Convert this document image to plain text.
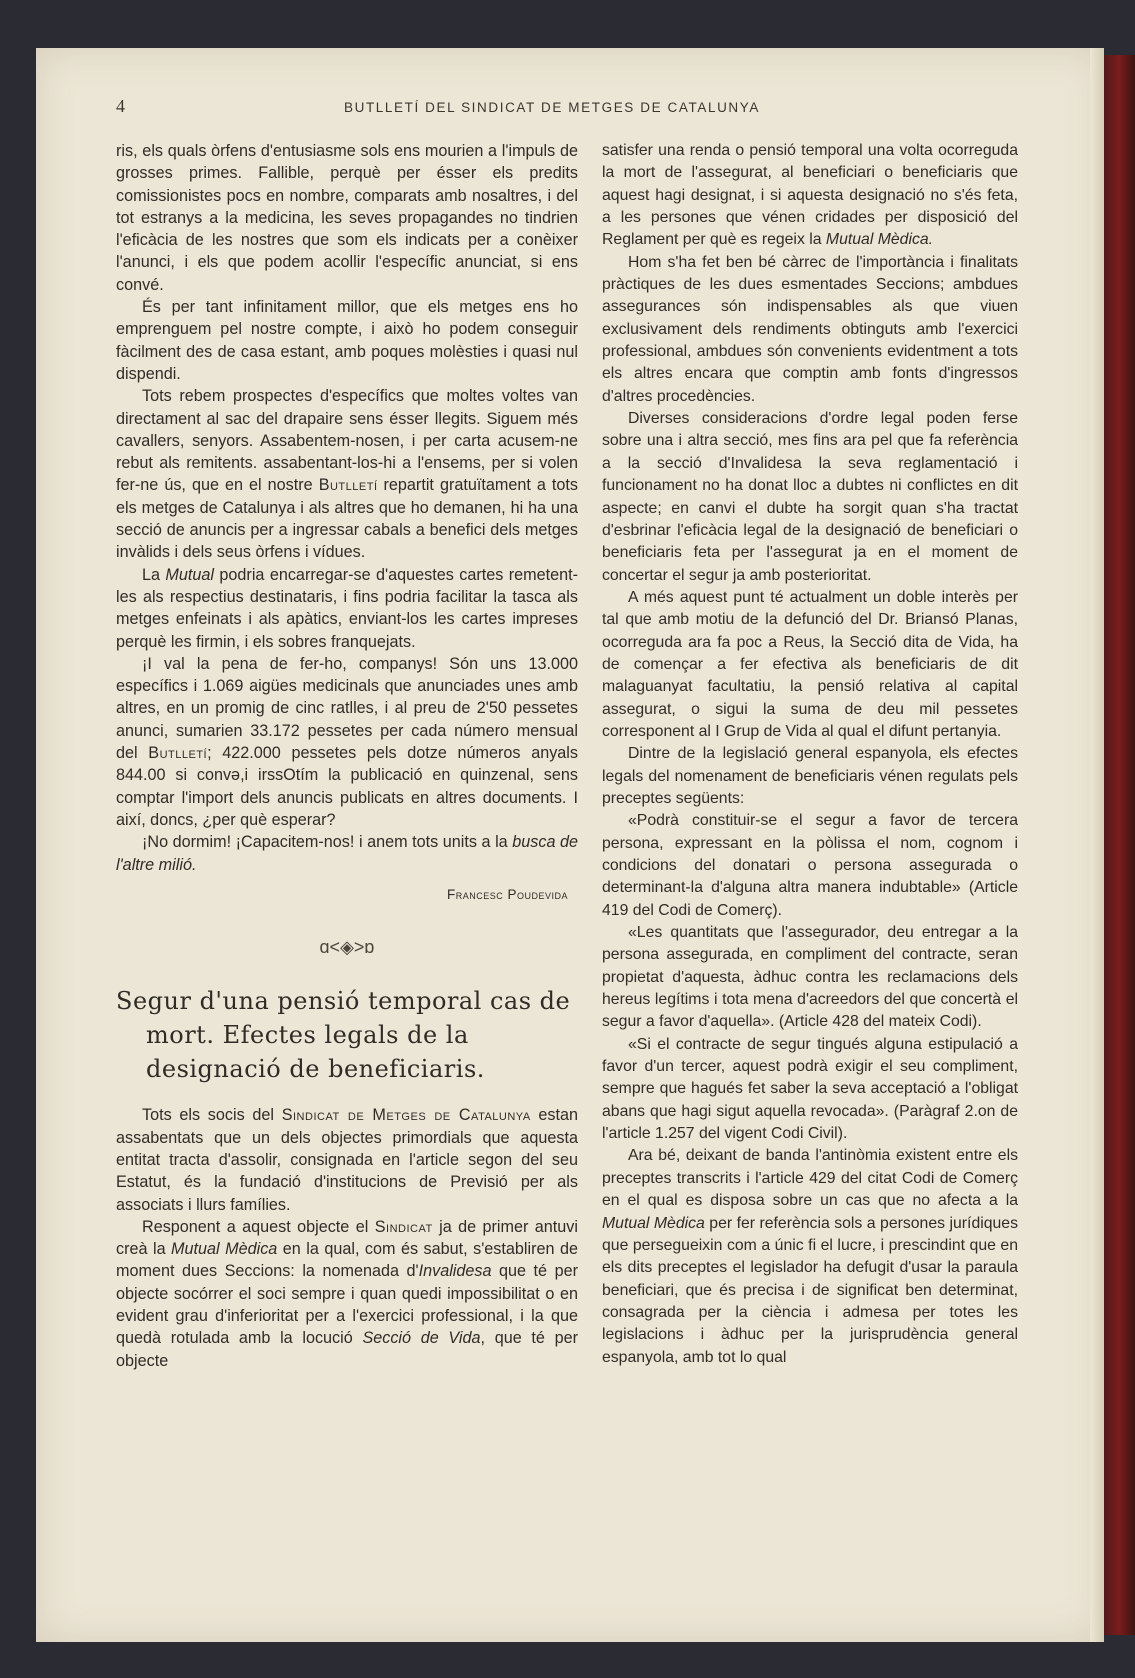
4	BUTLLETÍ DEL SINDICAT DE METGES DE CATALUNYA

ris, els quals òrfens d'entusiasme sols ens mourien a l'impuls de grosses primes. Fallible, perquè per ésser els predits comissionistes pocs en nombre, comparats amb nosaltres, i del tot estranys a la medicina, les seves propagandes no tindrien l'eficàcia de les nostres que som els indicats per a conèixer l'anunci, i els que podem acollir l'específic anunciat, si ens convé.

És per tant infinitament millor, que els metges ens ho emprenguem pel nostre compte, i això ho podem conseguir fàcilment des de casa estant, amb poques molèsties i quasi nul dispendi.

Tots rebem prospectes d'específics que moltes voltes van directament al sac del drapaire sens ésser llegits. Siguem més cavallers, senyors. Assabentem-nosen, i per carta acusem-ne rebut als remitents. assabentant-los-hi a l'ensems, per si volen fer-ne ús, que en el nostre Butlletí repartit gratuïtament a tots els metges de Catalunya i als altres que ho demanen, hi ha una secció de anuncis per a ingressar cabals a benefici dels metges invàlids i dels seus òrfens i vídues.

La Mutual podria encarregar-se d'aquestes cartes remetent-les als respectius destinataris, i fins podria facilitar la tasca als metges enfeinats i als apàtics, enviant-los les cartes impreses perquè les firmin, i els sobres franquejats.

¡I val la pena de fer-ho, companys! Són uns 13.000 específics i 1.069 aigües medicinals que anunciades unes amb altres, en un promig de cinc ratlles, i al preu de 2'50 pessetes anunci, sumarien 33.172 pessetes per cada número mensual del Butlletí; 422.000 pessetes pels dotze números anyals 844.00 si convə,i irssOtím la publicació en quinzenal, sens comptar l'import dels anuncis publicats en altres documents. I així, doncs, ¿per què esperar?

¡No dormim! ¡Capacitem-nos! i anem tots units a la busca de l'altre milió.

Francesc Poudevida
ɑ<◈>ɒ
Segur d'una pensió temporal cas de mort. Efectes legals de la designació de beneficiaris.

Tots els socis del Sindicat de Metges de Catalunya estan assabentats que un dels objectes primordials que aquesta entitat tracta d'assolir, consignada en l'article segon del seu Estatut, és la fundació d'institucions de Previsió per als associats i llurs famílies.

Responent a aquest objecte el Sindicat ja de primer antuvi creà la Mutual Mèdica en la qual, com és sabut, s'establiren de moment dues Seccions: la nomenada d'Invalidesa que té per objecte socórrer el soci sempre i quan quedi impossibilitat o en evident grau d'inferioritat per a l'exercici professional, i la que quedà rotulada amb la locució Secció de Vida, que té per objecte

satisfer una renda o pensió temporal una volta ocorreguda la mort de l'assegurat, al beneficiari o beneficiaris que aquest hagi designat, i si aquesta designació no s'és feta, a les persones que vénen cridades per disposició del Reglament per què es regeix la Mutual Mèdica.

Hom s'ha fet ben bé càrrec de l'importància i finalitats pràctiques de les dues esmentades Seccions; ambdues assegurances són indispensables als que viuen exclusivament dels rendiments obtinguts amb l'exercici professional, ambdues són convenients evidentment a tots els altres encara que comptin amb fonts d'ingressos d'altres procedències.

Diverses consideracions d'ordre legal poden ferse sobre una i altra secció, mes fins ara pel que fa referència a la secció d'Invalidesa la seva reglamentació i funcionament no ha donat lloc a dubtes ni conflictes en dit aspecte; en canvi el dubte ha sorgit quan s'ha tractat d'esbrinar l'eficàcia legal de la designació de beneficiari o beneficiaris feta per l'assegurat ja en el moment de concertar el segur ja amb posterioritat.

A més aquest punt té actualment un doble interès per tal que amb motiu de la defunció del Dr. Briansó Planas, ocorreguda ara fa poc a Reus, la Secció dita de Vida, ha de començar a fer efectiva als beneficiaris de dit malaguanyat facultatiu, la pensió relativa al capital assegurat, o sigui la suma de deu mil pessetes corresponent al I Grup de Vida al qual el difunt pertanyia.

Dintre de la legislació general espanyola, els efectes legals del nomenament de beneficiaris vénen regulats pels preceptes següents:

«Podrà constituir-se el segur a favor de tercera persona, expressant en la pòlissa el nom, cognom i condicions del donatari o persona assegurada o determinant-la d'alguna altra manera indubtable» (Article 419 del Codi de Comerç).

«Les quantitats que l'assegurador, deu entregar a la persona assegurada, en compliment del contracte, seran propietat d'aquesta, àdhuc contra les reclamacions dels hereus legítims i tota mena d'acreedors del que concertà el segur a favor d'aquella». (Article 428 del mateix Codi).

«Si el contracte de segur tingués alguna estipulació a favor d'un tercer, aquest podrà exigir el seu compliment, sempre que hagués fet saber la seva acceptació a l'obligat abans que hagi sigut aquella revocada». (Paràgraf 2.on de l'article 1.257 del vigent Codi Civil).

Ara bé, deixant de banda l'antinòmia existent entre els preceptes transcrits i l'article 429 del citat Codi de Comerç en el qual es disposa sobre un cas que no afecta a la Mutual Mèdica per fer referència sols a persones jurídiques que persegueixin com a únic fi el lucre, i prescindint que en els dits preceptes el legislador ha defugit d'usar la paraula beneficiari, que és precisa i de significat ben determinat, consagrada per la ciència i admesa per totes les legislacions i àdhuc per la jurisprudència general espanyola, amb tot lo qual
